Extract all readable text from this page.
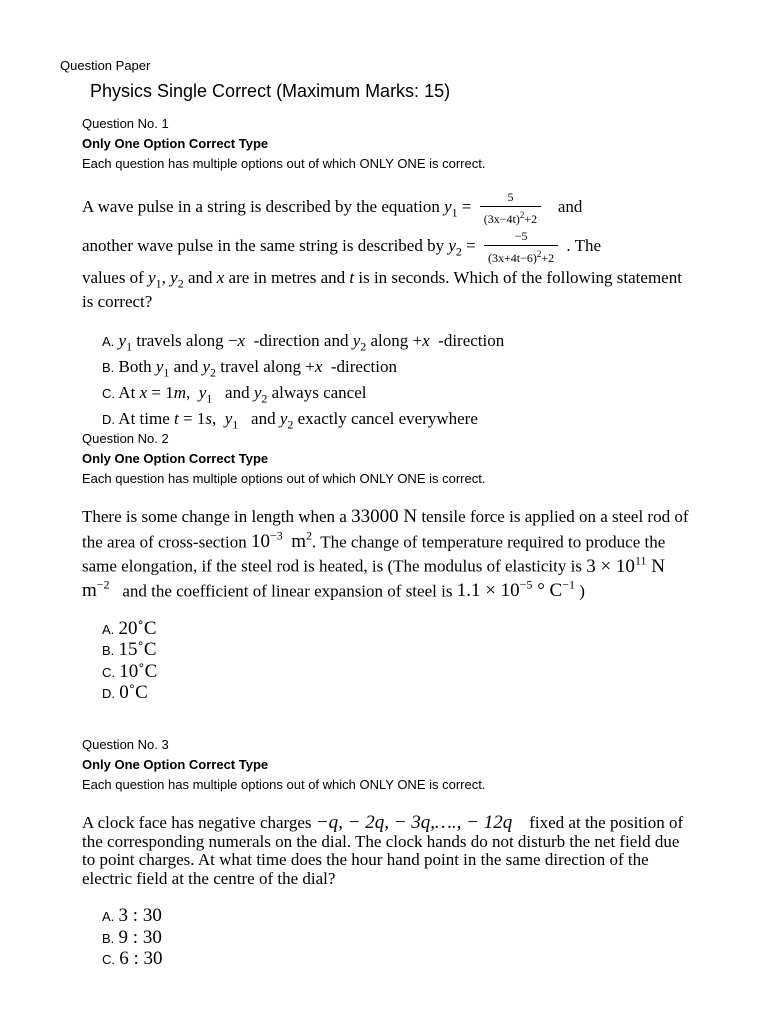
Question Paper
Physics Single Correct (Maximum Marks: 15)
Question No. 1
Only One Option Correct Type
Each question has multiple options out of which ONLY ONE is correct.
A wave pulse in a string is described by the equation $y_1 = \frac{5}{(3x-4t)^2+2}$ and
another wave pulse in the same string is described by $y_2 = \frac{-5}{(3x+4t-6)^2+2}$ . The
values of $y_1$, $y_2$ and x are in metres and t is in seconds. Which of the following statement is correct?
A. $y_1$ travels along −x  -direction and $y_2$ along +x  -direction
B. Both $y_1$ and $y_2$ travel along +x  -direction
C. At x = 1m,  $y_1$   and $y_2$ always cancel
D. At time t = 1s,  $y_1$   and $y_2$ exactly cancel everywhere
Question No. 2
Only One Option Correct Type
Each question has multiple options out of which ONLY ONE is correct.
There is some change in length when a 33000 N tensile force is applied on a steel rod of the area of cross-section $10^{-3}$ $m^2$. The change of temperature required to produce the same elongation, if the steel rod is heated, is (The modulus of elasticity is $3 \times 10^{11}$ N $m^{-2}$ and the coefficient of linear expansion of steel is $1.1 \times 10^{-5}$ ° $C^{-1}$ )
A. 20˚C
B. 15˚C
C. 10˚C
D. 0˚C
Question No. 3
Only One Option Correct Type
Each question has multiple options out of which ONLY ONE is correct.
A clock face has negative charges −q, − 2q, − 3q,…., − 12q fixed at the position of the corresponding numerals on the dial. The clock hands do not disturb the net field due to point charges. At what time does the hour hand point in the same direction of the electric field at the centre of the dial?
A. 3 : 30
B. 9 : 30
C. 6 : 30
